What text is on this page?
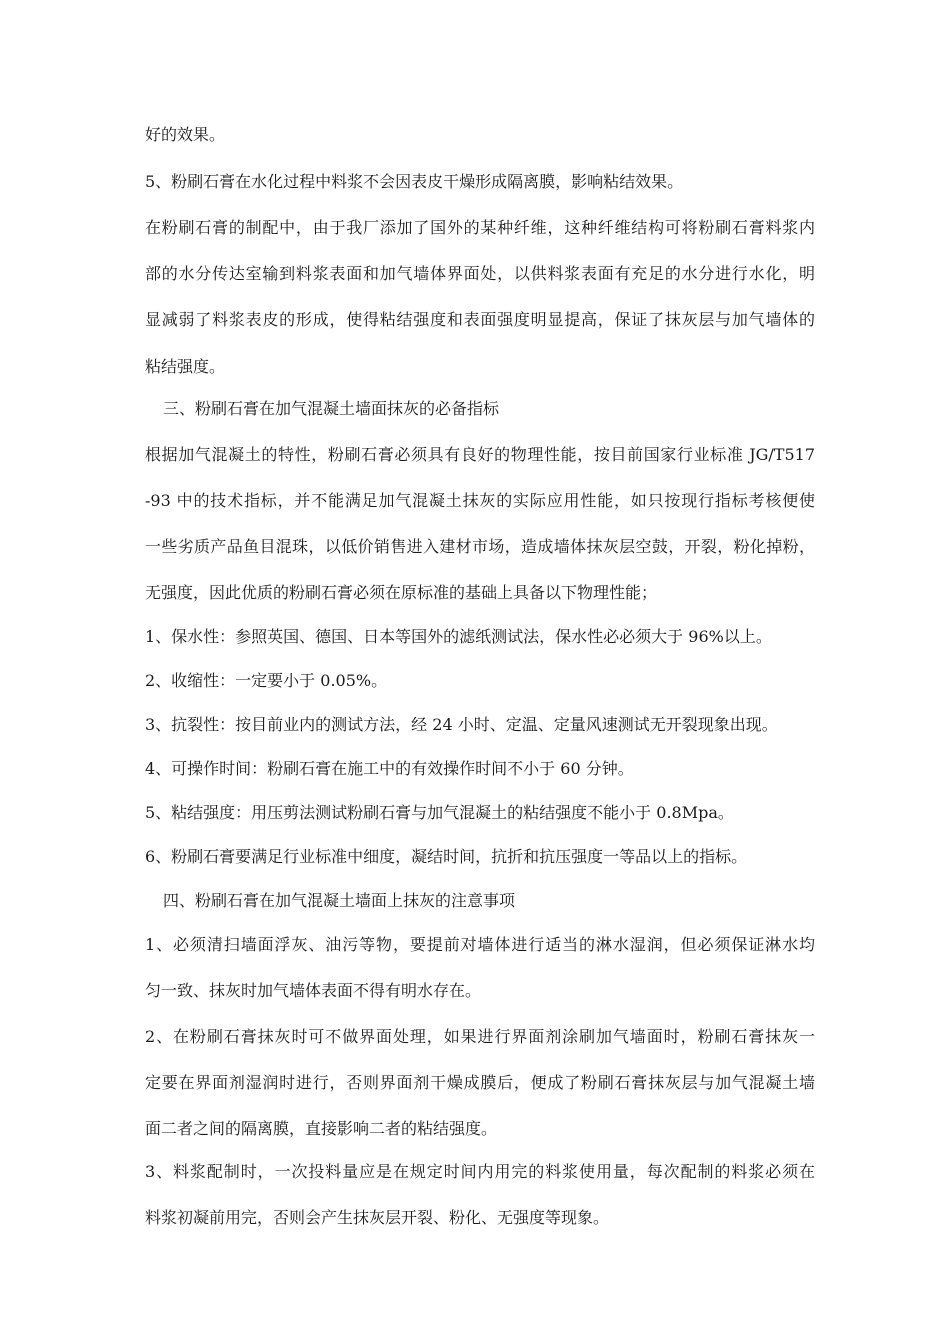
好的效果。
5、粉刷石膏在水化过程中料浆不会因表皮干燥形成隔离膜，影响粘结效果。
在粉刷石膏的制配中，由于我厂添加了国外的某种纤维，这种纤维结构可将粉刷石膏料浆内
部的水分传达室输到料浆表面和加气墙体界面处，以供料浆表面有充足的水分进行水化，明
显减弱了料浆表皮的形成，使得粘结强度和表面强度明显提高，保证了抹灰层与加气墙体的
粘结强度。
三、粉刷石膏在加气混凝土墙面抹灰的必备指标
根据加气混凝土的特性，粉刷石膏必须具有良好的物理性能，按目前国家行业标准 JG/T517
-93 中的技术指标，并不能满足加气混凝土抹灰的实际应用性能，如只按现行指标考核便使
一些劣质产品鱼目混珠，以低价销售进入建材市场，造成墙体抹灰层空鼓，开裂，粉化掉粉，
无强度，因此优质的粉刷石膏必须在原标准的基础上具备以下物理性能；
1、保水性：参照英国、德国、日本等国外的滤纸测试法，保水性必必须大于 96%以上。
2、收缩性：一定要小于 0.05%。
3、抗裂性：按目前业内的测试方法，经 24 小时、定温、定量风速测试无开裂现象出现。
4、可操作时间：粉刷石膏在施工中的有效操作时间不小于 60 分钟。
5、粘结强度：用压剪法测试粉刷石膏与加气混凝土的粘结强度不能小于 0.8Mpa。
6、粉刷石膏要满足行业标准中细度，凝结时间，抗折和抗压强度一等品以上的指标。
四、粉刷石膏在加气混凝土墙面上抹灰的注意事项
1、必须清扫墙面浮灰、油污等物，要提前对墙体进行适当的淋水湿润，但必须保证淋水均
匀一致、抹灰时加气墙体表面不得有明水存在。
2、在粉刷石膏抹灰时可不做界面处理，如果进行界面剂涂刷加气墙面时，粉刷石膏抹灰一
定要在界面剂湿润时进行，否则界面剂干燥成膜后，便成了粉刷石膏抹灰层与加气混凝土墙
面二者之间的隔离膜，直接影响二者的粘结强度。
3、料浆配制时，一次投料量应是在规定时间内用完的料浆使用量，每次配制的料浆必须在
料浆初凝前用完，否则会产生抹灰层开裂、粉化、无强度等现象。
